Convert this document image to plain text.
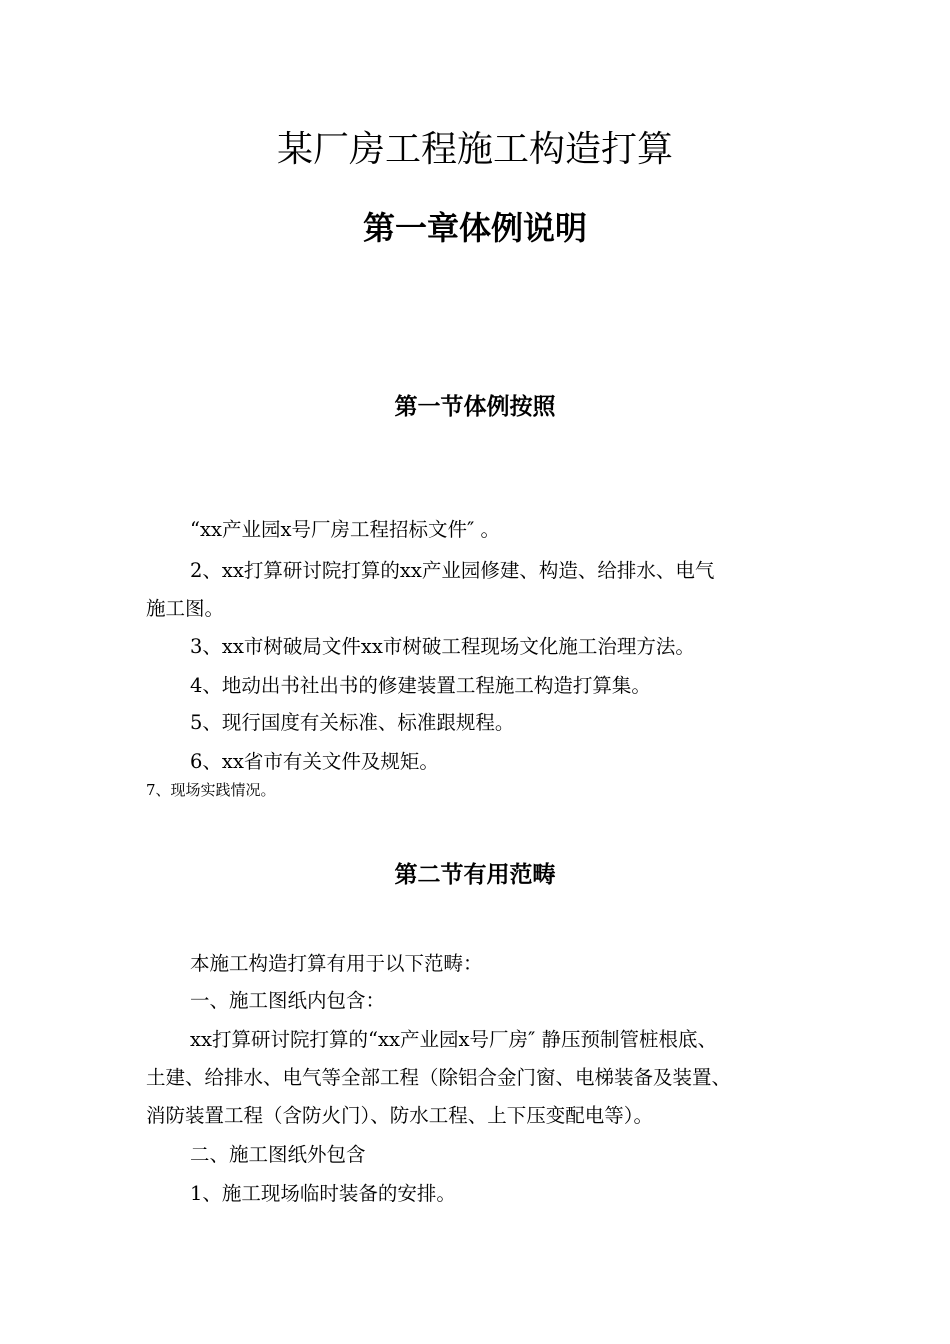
某厂房工程施工构造打算
第一章体例说明
第一节体例按照

“xx产业园x号厂房工程招标文件″ 。

2、xx打算研讨院打算的xx产业园修建、构造、给排水、电气

施工图。

3、xx市树破局文件xx市树破工程现场文化施工治理方法。

4、地动出书社出书的修建装置工程施工构造打算集。

5、现行国度有关标准、标准跟规程。

6、xx省市有关文件及规矩。

7、现场实践情况。

第二节有用范畴

本施工构造打算有用于以下范畴：

一、施工图纸内包含：

xx打算研讨院打算的“xx产业园x号厂房″ 静压预制管桩根底、

土建、给排水、电气等全部工程（除铝合金门窗、电梯装备及装置、

消防装置工程（含防火门）、防水工程、上下压变配电等）。

二、施工图纸外包含

1、施工现场临时装备的安排。
